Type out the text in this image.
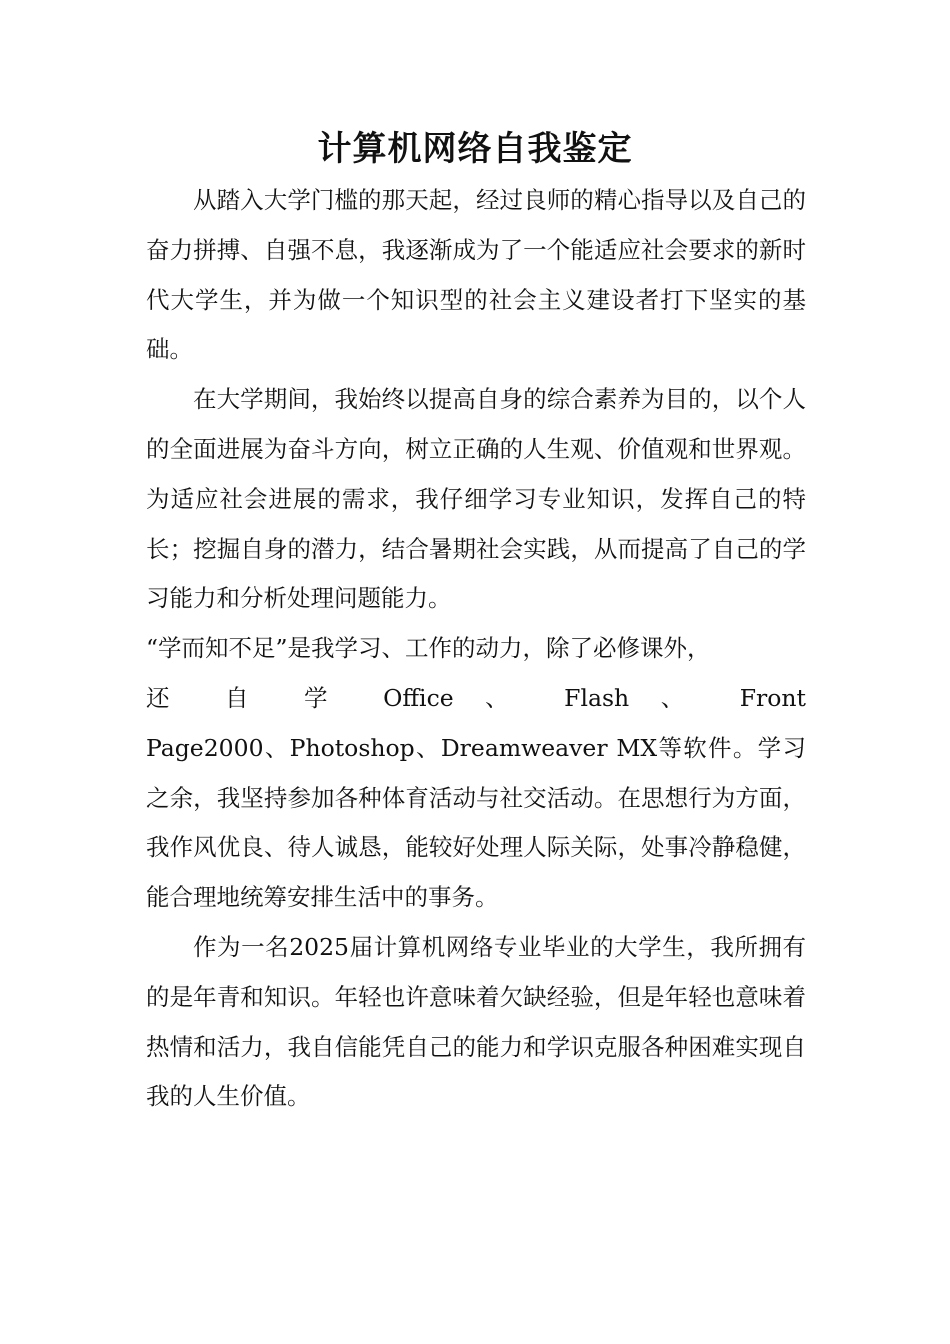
计算机网络自我鉴定

从踏入大学门槛的那天起，经过良师的精心指导以及自己的奋力拼搏、自强不息，我逐渐成为了一个能适应社会要求的新时代大学生，并为做一个知识型的社会主义建设者打下坚实的基础。

在大学期间，我始终以提高自身的综合素养为目的，以个人的全面进展为奋斗方向，树立正确的人生观、价值观和世界观。为适应社会进展的需求，我仔细学习专业知识，发挥自己的特长；挖掘自身的潜力，结合暑期社会实践，从而提高了自己的学习能力和分析处理问题能力。

“学而知不足”是我学习、工作的动力，除了必修课外，

还 自 学 Office 、 Flash 、 Front

Page2000、Photoshop、Dreamweaver MX等软件。学习之余，我坚持参加各种体育活动与社交活动。在思想行为方面，我作风优良、待人诚恳，能较好处理人际关际，处事冷静稳健，能合理地统筹安排生活中的事务。

作为一名2025届计算机网络专业毕业的大学生，我所拥有的是年青和知识。年轻也许意味着欠缺经验，但是年轻也意味着热情和活力，我自信能凭自己的能力和学识克服各种困难实现自我的人生价值。
